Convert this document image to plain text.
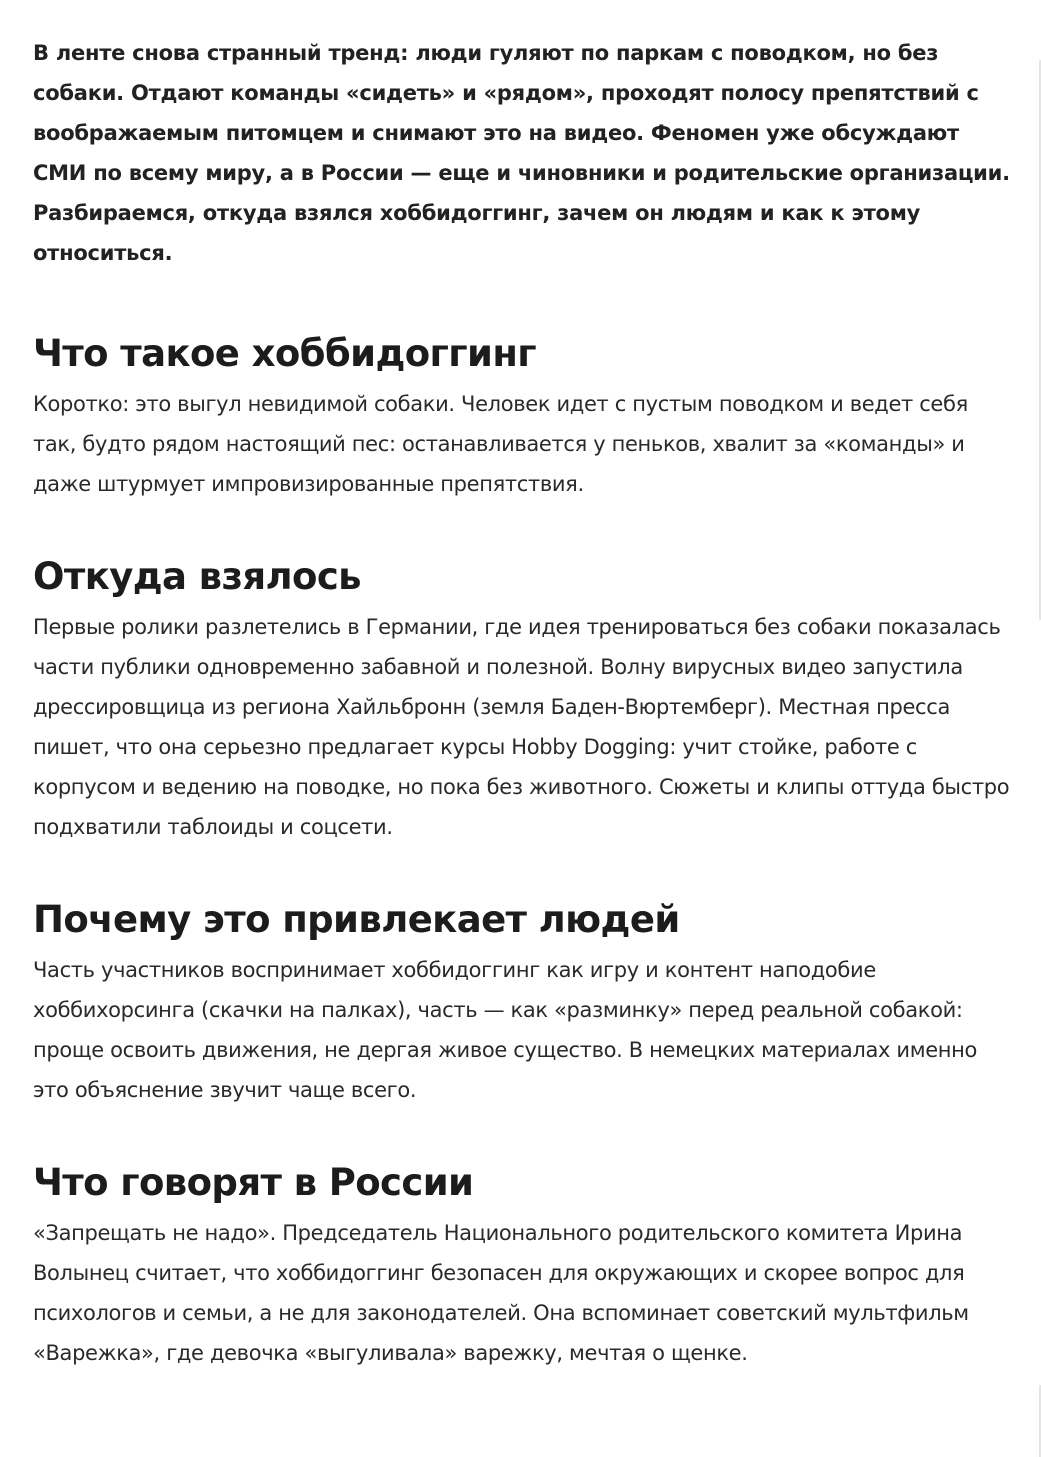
В ленте снова странный тренд: люди гуляют по паркам с поводком, но без собаки. Отдают команды «сидеть» и «рядом», проходят полосу препятствий с воображаемым питомцем и снимают это на видео. Феномен уже обсуждают СМИ по всему миру, а в России — еще и чиновники и родительские организации. Разбираемся, откуда взялся хоббидоггинг, зачем он людям и как к этому относиться.

Что такое хоббидоггинг

Коротко: это выгул невидимой собаки. Человек идет с пустым поводком и ведет себя так, будто рядом настоящий пес: останавливается у пеньков, хвалит за «команды» и даже штурмует импровизированные препятствия.

Откуда взялось

Первые ролики разлетелись в Германии, где идея тренироваться без собаки показалась части публики одновременно забавной и полезной. Волну вирусных видео запустила дрессировщица из региона Хайльбронн (земля Баден-Вюртемберг). Местная пресса пишет, что она серьезно предлагает курсы Hobby Dogging: учит стойке, работе с корпусом и ведению на поводке, но пока без животного. Сюжеты и клипы оттуда быстро подхватили таблоиды и соцсети.

Почему это привлекает людей

Часть участников воспринимает хоббидоггинг как игру и контент наподобие хоббихорсинга (скачки на палках), часть — как «разминку» перед реальной собакой: проще освоить движения, не дергая живое существо. В немецких материалах именно это объяснение звучит чаще всего.

Что говорят в России

«Запрещать не надо». Председатель Национального родительского комитета Ирина Волынец считает, что хоббидоггинг безопасен для окружающих и скорее вопрос для психологов и семьи, а не для законодателей. Она вспоминает советский мультфильм «Варежка», где девочка «выгуливала» варежку, мечтая о щенке.
